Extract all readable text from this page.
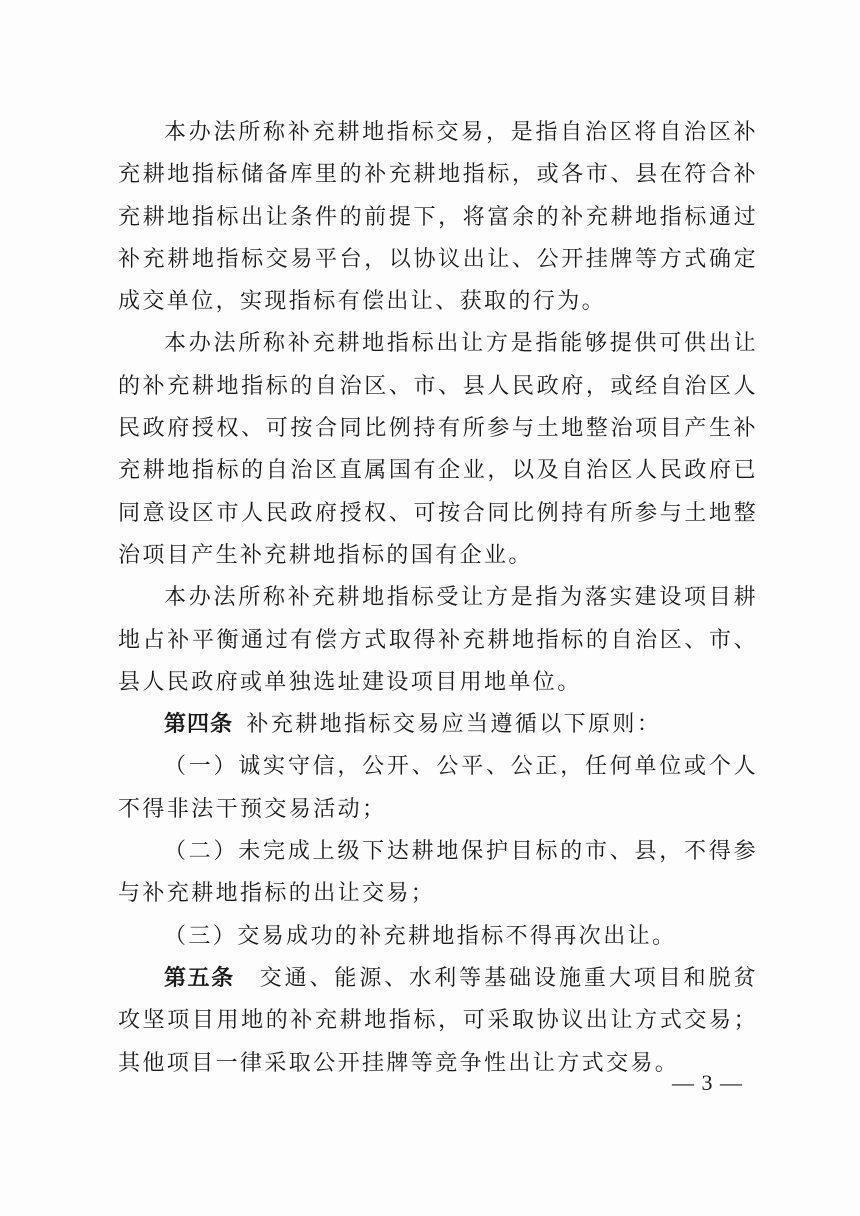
本办法所称补充耕地指标交易，是指自治区将自治区补充耕地指标储备库里的补充耕地指标，或各市、县在符合补充耕地指标出让条件的前提下，将富余的补充耕地指标通过补充耕地指标交易平台，以协议出让、公开挂牌等方式确定成交单位，实现指标有偿出让、获取的行为。

本办法所称补充耕地指标出让方是指能够提供可供出让的补充耕地指标的自治区、市、县人民政府，或经自治区人民政府授权、可按合同比例持有所参与土地整治项目产生补充耕地指标的自治区直属国有企业，以及自治区人民政府已同意设区市人民政府授权、可按合同比例持有所参与土地整治项目产生补充耕地指标的国有企业。

本办法所称补充耕地指标受让方是指为落实建设项目耕地占补平衡通过有偿方式取得补充耕地指标的自治区、市、县人民政府或单独选址建设项目用地单位。

第四条  补充耕地指标交易应当遵循以下原则：

（一）诚实守信，公开、公平、公正，任何单位或个人不得非法干预交易活动；

（二）未完成上级下达耕地保护目标的市、县，不得参与补充耕地指标的出让交易；

（三）交易成功的补充耕地指标不得再次出让。

第五条  交通、能源、水利等基础设施重大项目和脱贫攻坚项目用地的补充耕地指标，可采取协议出让方式交易；其他项目一律采取公开挂牌等竞争性出让方式交易。

— 3 —
